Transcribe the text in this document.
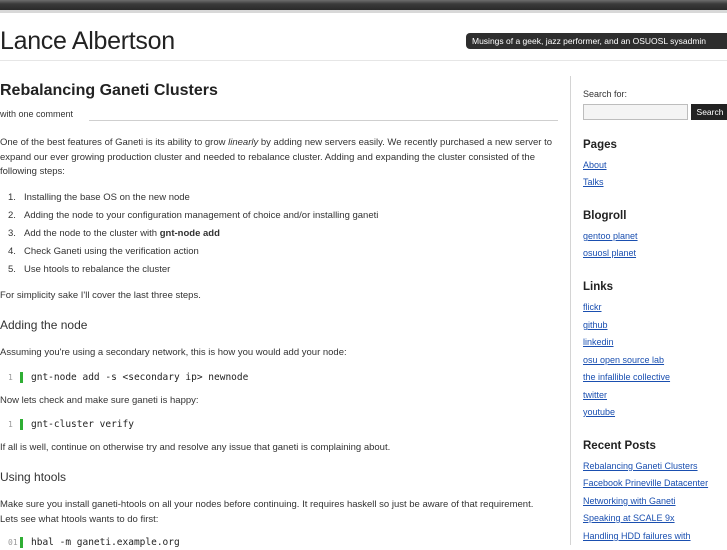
Lance Albertson	Musings of a geek, jazz performer, and an OSUOSL sysadmin
Rebalancing Ganeti Clusters
with one comment
One of the best features of Ganeti is its ability to grow linearly by adding new servers easily. We recently purchased a new server to expand our ever growing production cluster and needed to rebalance cluster. Adding and expanding the cluster consisted of the following steps:
1. Installing the base OS on the new node
2. Adding the node to your configuration management of choice and/or installing ganeti
3. Add the node to the cluster with gnt-node add
4. Check Ganeti using the verification action
5. Use htools to rebalance the cluster
For simplicity sake I'll cover the last three steps.
Adding the node
Assuming you're using a secondary network, this is how you would add your node:
1 gnt-node add -s <secondary ip> newnode
Now lets check and make sure ganeti is happy:
1 gnt-cluster verify
If all is well, continue on otherwise try and resolve any issue that ganeti is complaining about.
Using htools
Make sure you install ganeti-htools on all your nodes before continuing. It requires haskell so just be aware of that requirement. Lets see what htools wants to do first:
01 hbal -m ganeti.example.org
Search for:
Search
Pages
About
Talks
Blogroll
gentoo planet
osuosl planet
Links
flickr
github
linkedin
osu open source lab
the infallible collective
twitter
youtube
Recent Posts
Rebalancing Ganeti Clusters
Facebook Prineville Datacenter
Networking with Ganeti
Speaking at SCALE 9x
Handling HDD failures with
